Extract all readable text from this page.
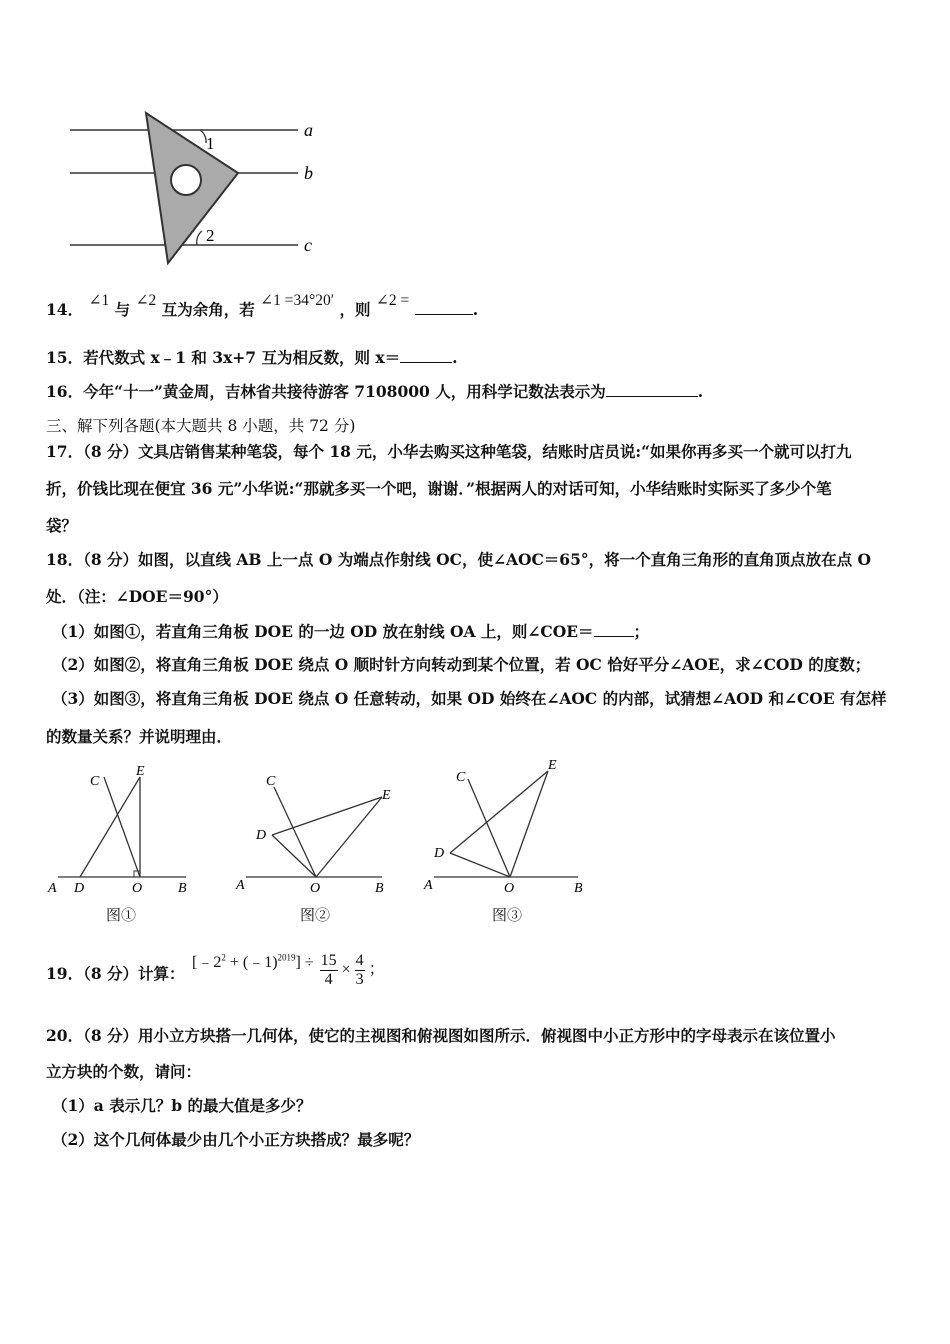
1
2
a
b
c
14． ∠1 与 ∠2 互为余角，若 ∠1 =34°20′ ，则 ∠2 =	.
15．若代数式 x﹣1 和 3x+7 互为相反数，则 x＝	.
16．今年“十一”黄金周，吉林省共接待游客 7108000 人，用科学记数法表示为	.
三、解下列各题(本大题共 8 小题，共 72 分)
17．（8 分）文具店销售某种笔袋，每个 18 元，小华去购买这种笔袋，结账时店员说:“如果你再多买一个就可以打九
折，价钱比现在便宜 36 元”小华说:“那就多买一个吧，谢谢．”根据两人的对话可知，小华结账时实际买了多少个笔
袋？
18．（8 分）如图，以直线 AB 上一点 O 为端点作射线 OC，使∠AOC＝65°，将一个直角三角形的直角顶点放在点 O
处．（注：∠DOE＝90°）
（1）如图①，若直角三角板 DOE 的一边 OD 放在射线 OA 上，则∠COE＝	；
（2）如图②，将直角三角板 DOE 绕点 O 顺时针方向转动到某个位置，若 OC 恰好平分∠AOE，求∠COD 的度数；
（3）如图③，将直角三角板 DOE 绕点 O 任意转动，如果 OD 始终在∠AOC 的内部，试猜想∠AOD 和∠COE 有怎样
的数量关系？并说明理由．
A D	O	B
C
E
A	O	B
C
D
E
A	O	B
C
D
E
图①	图②	图③
19．（8 分）计算：
[$﹣2^2$ + (﹣1)$^{2019}$] ÷ $\frac{15}{4} \times \frac{4}{3}$ ；
20．（8 分）用小立方块搭一几何体，使它的主视图和俯视图如图所示．俯视图中小正方形中的字母表示在该位置小
立方块的个数，请问：
（1）a 表示几？b 的最大值是多少？
（2）这个几何体最少由几个小正方块搭成？最多呢？
